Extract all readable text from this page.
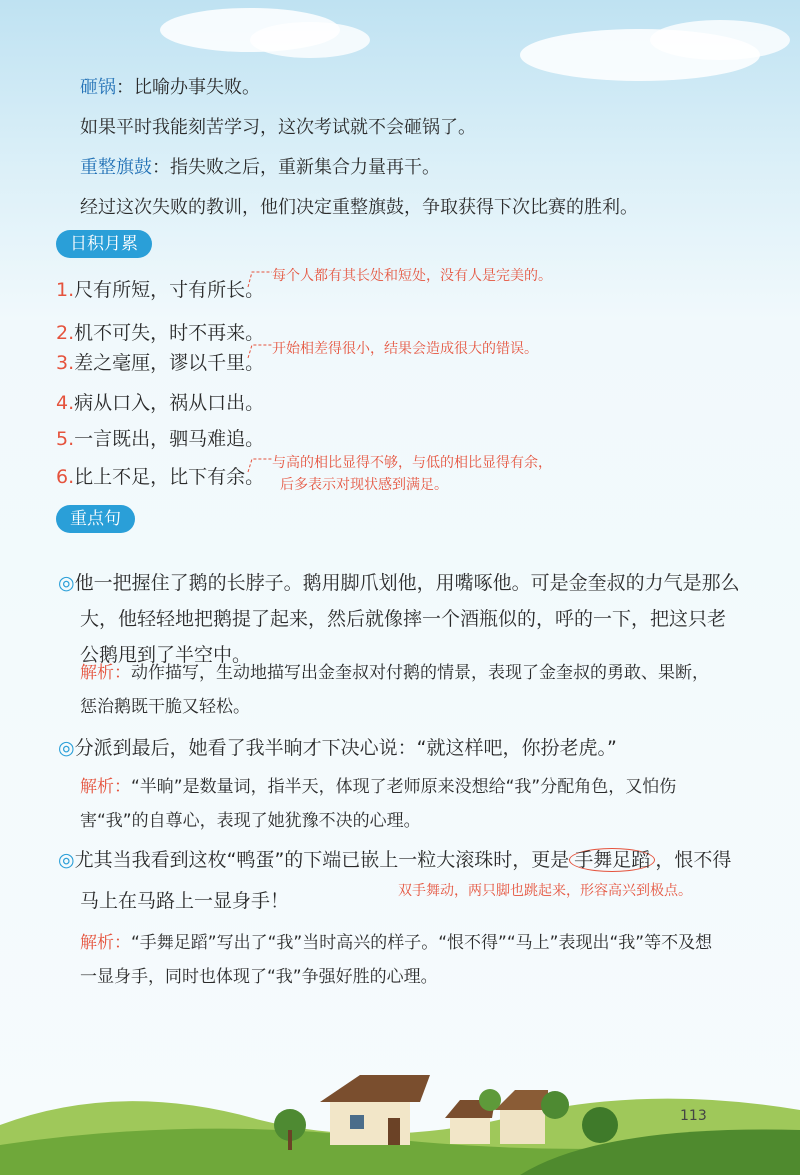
砸锅：比喻办事失败。
如果平时我能刻苦学习，这次考试就不会砸锅了。
重整旗鼓：指失败之后，重新集合力量再干。
经过这次失败的教训，他们决定重整旗鼓，争取获得下次比赛的胜利。
日积月累
1.尺有所短，寸有所长。
每个人都有其长处和短处，没有人是完美的。
2.机不可失，时不再来。
3.差之毫厘，谬以千里。
开始相差得很小，结果会造成很大的错误。
4.病从口入，祸从口出。
5.一言既出，驷马难追。
6.比上不足，比下有余。
与高的相比显得不够，与低的相比显得有余，
后多表示对现状感到满足。
重点句
◎他一把握住了鹅的长脖子。鹅用脚爪划他，用嘴啄他。可是金奎叔的力气是那么大，他轻轻地把鹅提了起来，然后就像摔一个酒瓶似的，呼的一下，把这只老公鹅甩到了半空中。
解析：动作描写，生动地描写出金奎叔对付鹅的情景，表现了金奎叔的勇敢、果断，惩治鹅既干脆又轻松。
◎分派到最后，她看了我半晌才下决心说：“就这样吧，你扮老虎。”
解析：“半晌”是数量词，指半天，体现了老师原来没想给“我”分配角色，又怕伤害“我”的自尊心，表现了她犹豫不决的心理。
◎尤其当我看到这枚“鸭蛋”的下端已嵌上一粒大滚珠时，更是 手舞足蹈 ，恨不得
马上在马路上一显身手！	双手舞动，两只脚也跳起来，形容高兴到极点。
解析：“手舞足蹈”写出了“我”当时高兴的样子。“恨不得”“马上”表现出“我”等不及想一显身手，同时也体现了“我”争强好胜的心理。
113
